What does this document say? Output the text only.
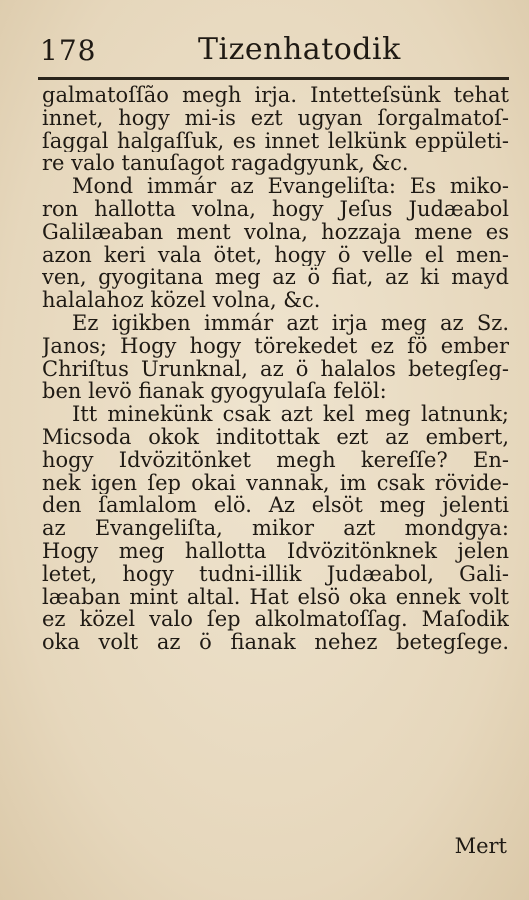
178	Tizenhatodik
galmatoſſão megh irja. Intetteſsünk tehat
innet, hogy mi-is ezt ugyan ſorgalmatoſ-
ſaggal halgaſſuk, es innet lelkünk eppületi-
re valo tanuſagot ragadgyunk, &c.
Mond immár az Evangeliſta: Es miko-
ron hallotta volna, hogy Jeſus Judæabol
Galilæaban ment volna, hozzaja mene es
azon keri vala ötet, hogy ö velle el men-
ven, gyogitana meg az ö fiat, az ki mayd
halalahoz közel volna, &c.
Ez igikben immár azt irja meg az Sz.
Janos; Hogy hogy törekedet ez fö ember
Chriſtus Urunknal, az ö halalos betegſeg-
ben levö fianak gyogyulaſa felöl:
Itt minekünk csak azt kel meg latnunk;
Micsoda okok inditottak ezt az embert,
hogy Idvözitönket megh kereſſe? En-
nek igen ſep okai vannak, im csak rövide-
den ſamlalom elö. Az elsöt meg jelenti
az Evangeliſta, mikor azt mondgya:
Hogy meg hallotta Idvözitönknek jelen
letet, hogy tudni-illik Judæabol, Gali-
læaban mint altal. Hat elsö oka ennek volt
ez közel valo ſep alkolmatoſſag. Maſodik
oka volt az ö fianak nehez betegſege.
Mert
